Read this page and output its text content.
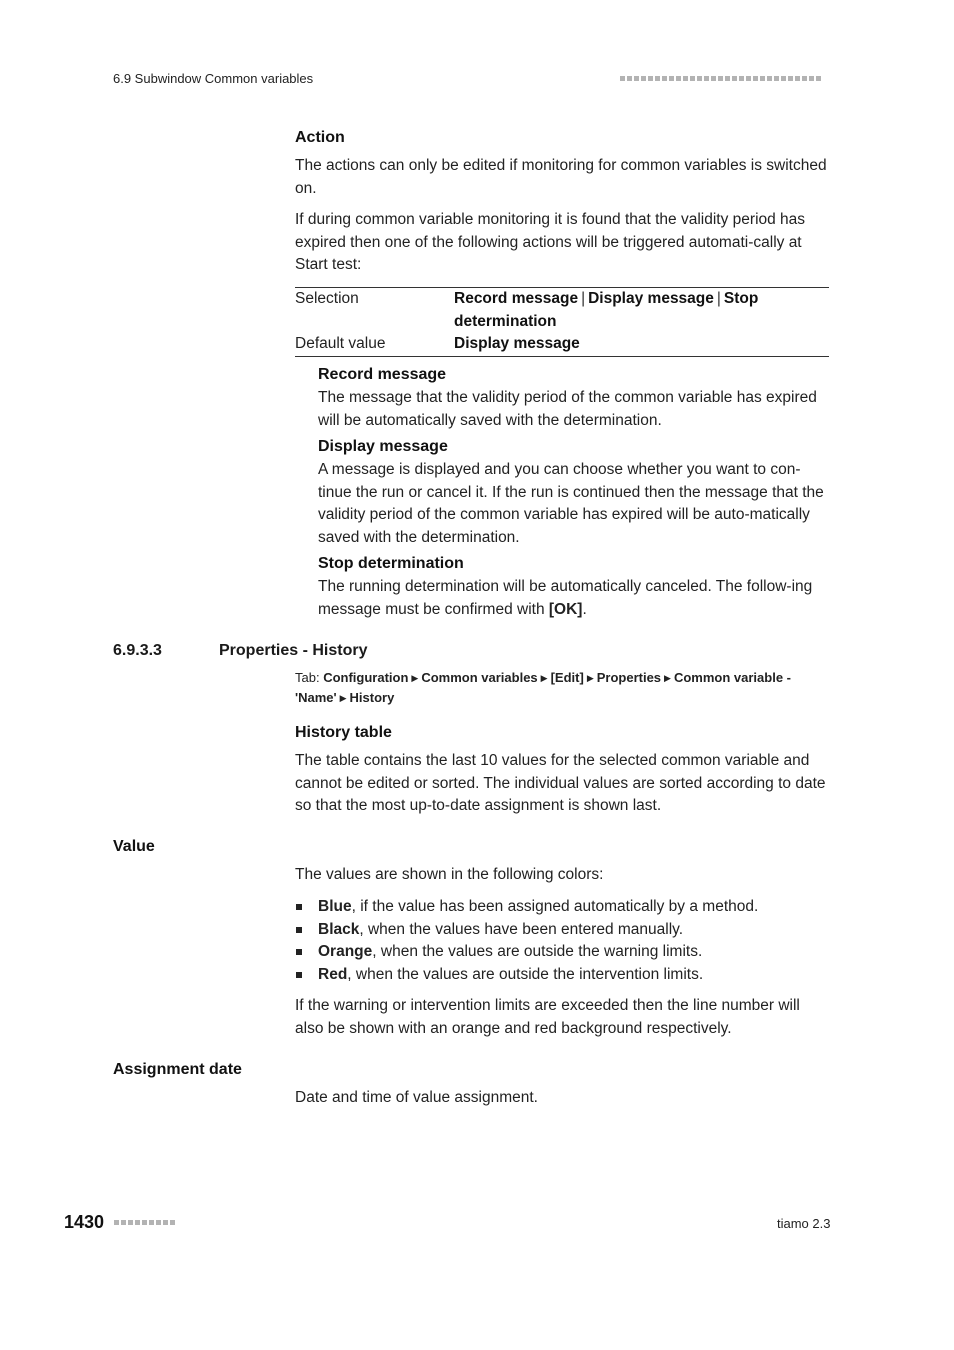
6.9 Subwindow Common variables
Action
The actions can only be edited if monitoring for common variables is switched on.
If during common variable monitoring it is found that the validity period has expired then one of the following actions will be triggered automati-cally at Start test:
Selection	Record message | Display message | Stop determination
Default value	Display message
Record message
The message that the validity period of the common variable has expired will be automatically saved with the determination.
Display message
A message is displayed and you can choose whether you want to con-tinue the run or cancel it. If the run is continued then the message that the validity period of the common variable has expired will be auto-matically saved with the determination.
Stop determination
The running determination will be automatically canceled. The follow-ing message must be confirmed with [OK].
6.9.3.3	Properties - History
Tab: Configuration ▶ Common variables ▶ [Edit] ▶ Properties ▶ Common variable - 'Name' ▶ History
History table
The table contains the last 10 values for the selected common variable and cannot be edited or sorted. The individual values are sorted according to date so that the most up-to-date assignment is shown last.
Value
The values are shown in the following colors:
Blue, if the value has been assigned automatically by a method.
Black, when the values have been entered manually.
Orange, when the values are outside the warning limits.
Red, when the values are outside the intervention limits.
If the warning or intervention limits are exceeded then the line number will also be shown with an orange and red background respectively.
Assignment date
Date and time of value assignment.
1430	tiamo 2.3
